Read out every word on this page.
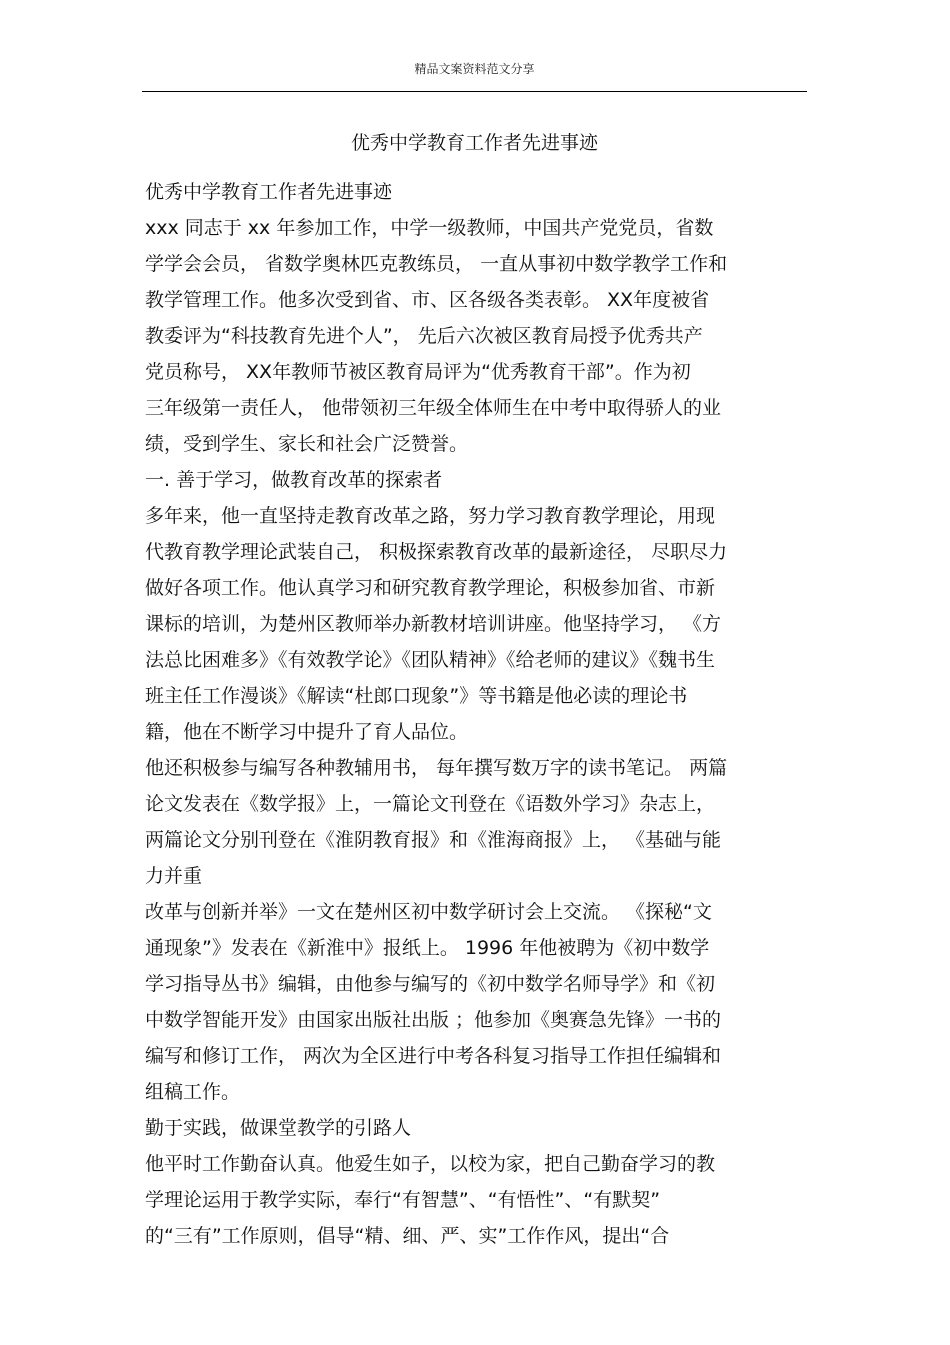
精品文案资料范文分享
优秀中学教育工作者先进事迹
优秀中学教育工作者先进事迹
xxx 同志于 xx 年参加工作，中学一级教师，中国共产党党员，省数
学学会会员， 省数学奥林匹克教练员， 一直从事初中数学教学工作和
教学管理工作。他多次受到省、市、区各级各类表彰。 XX年度被省
教委评为“科技教育先进个人”， 先后六次被区教育局授予优秀共产
党员称号， XX年教师节被区教育局评为“优秀教育干部”。作为初
三年级第一责任人， 他带领初三年级全体师生在中考中取得骄人的业
绩，受到学生、家长和社会广泛赞誉。
一. 善于学习，做教育改革的探索者
多年来，他一直坚持走教育改革之路，努力学习教育教学理论，用现
代教育教学理论武装自己， 积极探索教育改革的最新途径， 尽职尽力
做好各项工作。他认真学习和研究教育教学理论，积极参加省、市新
课标的培训，为楚州区教师举办新教材培训讲座。他坚持学习， 《方
法总比困难多》《有效教学论》《团队精神》《给老师的建议》《魏书生
班主任工作漫谈》《解读“杜郎口现象”》等书籍是他必读的理论书
籍，他在不断学习中提升了育人品位。
他还积极参与编写各种教辅用书， 每年撰写数万字的读书笔记。 两篇
论文发表在《数学报》上，一篇论文刊登在《语数外学习》杂志上，
两篇论文分别刊登在《淮阴教育报》和《淮海商报》上， 《基础与能
力并重
改革与创新并举》一文在楚州区初中数学研讨会上交流。 《探秘“文
通现象”》发表在《新淮中》报纸上。 1996 年他被聘为《初中数学
学习指导丛书》编辑，由他参与编写的《初中数学名师导学》和《初
中数学智能开发》由国家出版社出版 ；他参加《奥赛急先锋》一书的
编写和修订工作， 两次为全区进行中考各科复习指导工作担任编辑和
组稿工作。
勤于实践，做课堂教学的引路人
他平时工作勤奋认真。他爱生如子，以校为家，把自己勤奋学习的教
学理论运用于教学实际，奉行“有智慧”、“有悟性”、“有默契”
的“三有”工作原则，倡导“精、细、严、实”工作作风，提出“合
